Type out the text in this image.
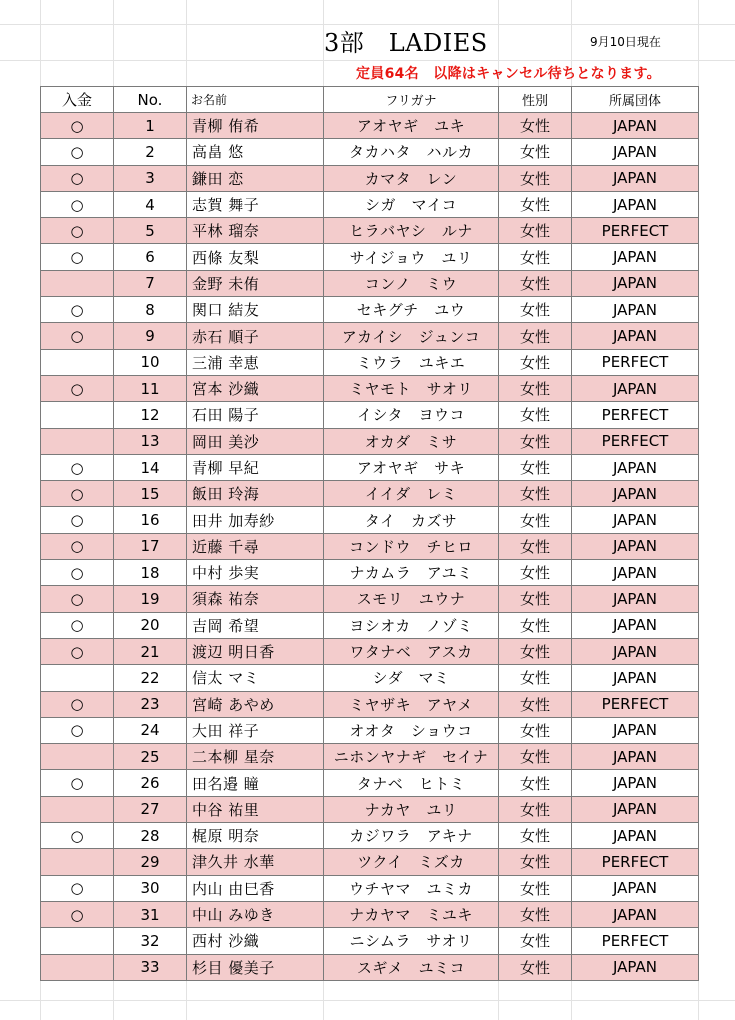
3部　LADIES	9月10日現在
定員64名　以降はキャンセル待ちとなります。
入金	No.	お名前	フリガナ	性別	所属団体
○	1	青柳 侑希	アオヤギ　ユキ	女性	JAPAN
○	2	高畠 悠	タカハタ　ハルカ	女性	JAPAN
○	3	鎌田 恋	カマタ　レン	女性	JAPAN
○	4	志賀 舞子	シガ　マイコ	女性	JAPAN
○	5	平林 瑠奈	ヒラバヤシ　ルナ	女性	PERFECT
○	6	西條 友梨	サイジョウ　ユリ	女性	JAPAN
	7	金野 未侑	コンノ　ミウ	女性	JAPAN
○	8	関口 結友	セキグチ　ユウ	女性	JAPAN
○	9	赤石 順子	アカイシ　ジュンコ	女性	JAPAN
	10	三浦 幸恵	ミウラ　ユキエ	女性	PERFECT
○	11	宮本 沙織	ミヤモト　サオリ	女性	JAPAN
	12	石田 陽子	イシタ　ヨウコ	女性	PERFECT
	13	岡田 美沙	オカダ　ミサ	女性	PERFECT
○	14	青柳 早紀	アオヤギ　サキ	女性	JAPAN
○	15	飯田 玲海	イイダ　レミ	女性	JAPAN
○	16	田井 加寿紗	タイ　カズサ	女性	JAPAN
○	17	近藤 千尋	コンドウ　チヒロ	女性	JAPAN
○	18	中村 歩実	ナカムラ　アユミ	女性	JAPAN
○	19	須森 祐奈	スモリ　ユウナ	女性	JAPAN
○	20	吉岡 希望	ヨシオカ　ノゾミ	女性	JAPAN
○	21	渡辺 明日香	ワタナベ　アスカ	女性	JAPAN
	22	信太 マミ	シダ　マミ	女性	JAPAN
○	23	宮崎 あやめ	ミヤザキ　アヤメ	女性	PERFECT
○	24	大田 祥子	オオタ　ショウコ	女性	JAPAN
	25	二本柳 星奈	ニホンヤナギ　セイナ	女性	JAPAN
○	26	田名邉 瞳	タナベ　ヒトミ	女性	JAPAN
	27	中谷 祐里	ナカヤ　ユリ	女性	JAPAN
○	28	梶原 明奈	カジワラ　アキナ	女性	JAPAN
	29	津久井 水華	ツクイ　ミズカ	女性	PERFECT
○	30	内山 由巳香	ウチヤマ　ユミカ	女性	JAPAN
○	31	中山 みゆき	ナカヤマ　ミユキ	女性	JAPAN
	32	西村 沙織	ニシムラ　サオリ	女性	PERFECT
	33	杉目 優美子	スギメ　ユミコ	女性	JAPAN
